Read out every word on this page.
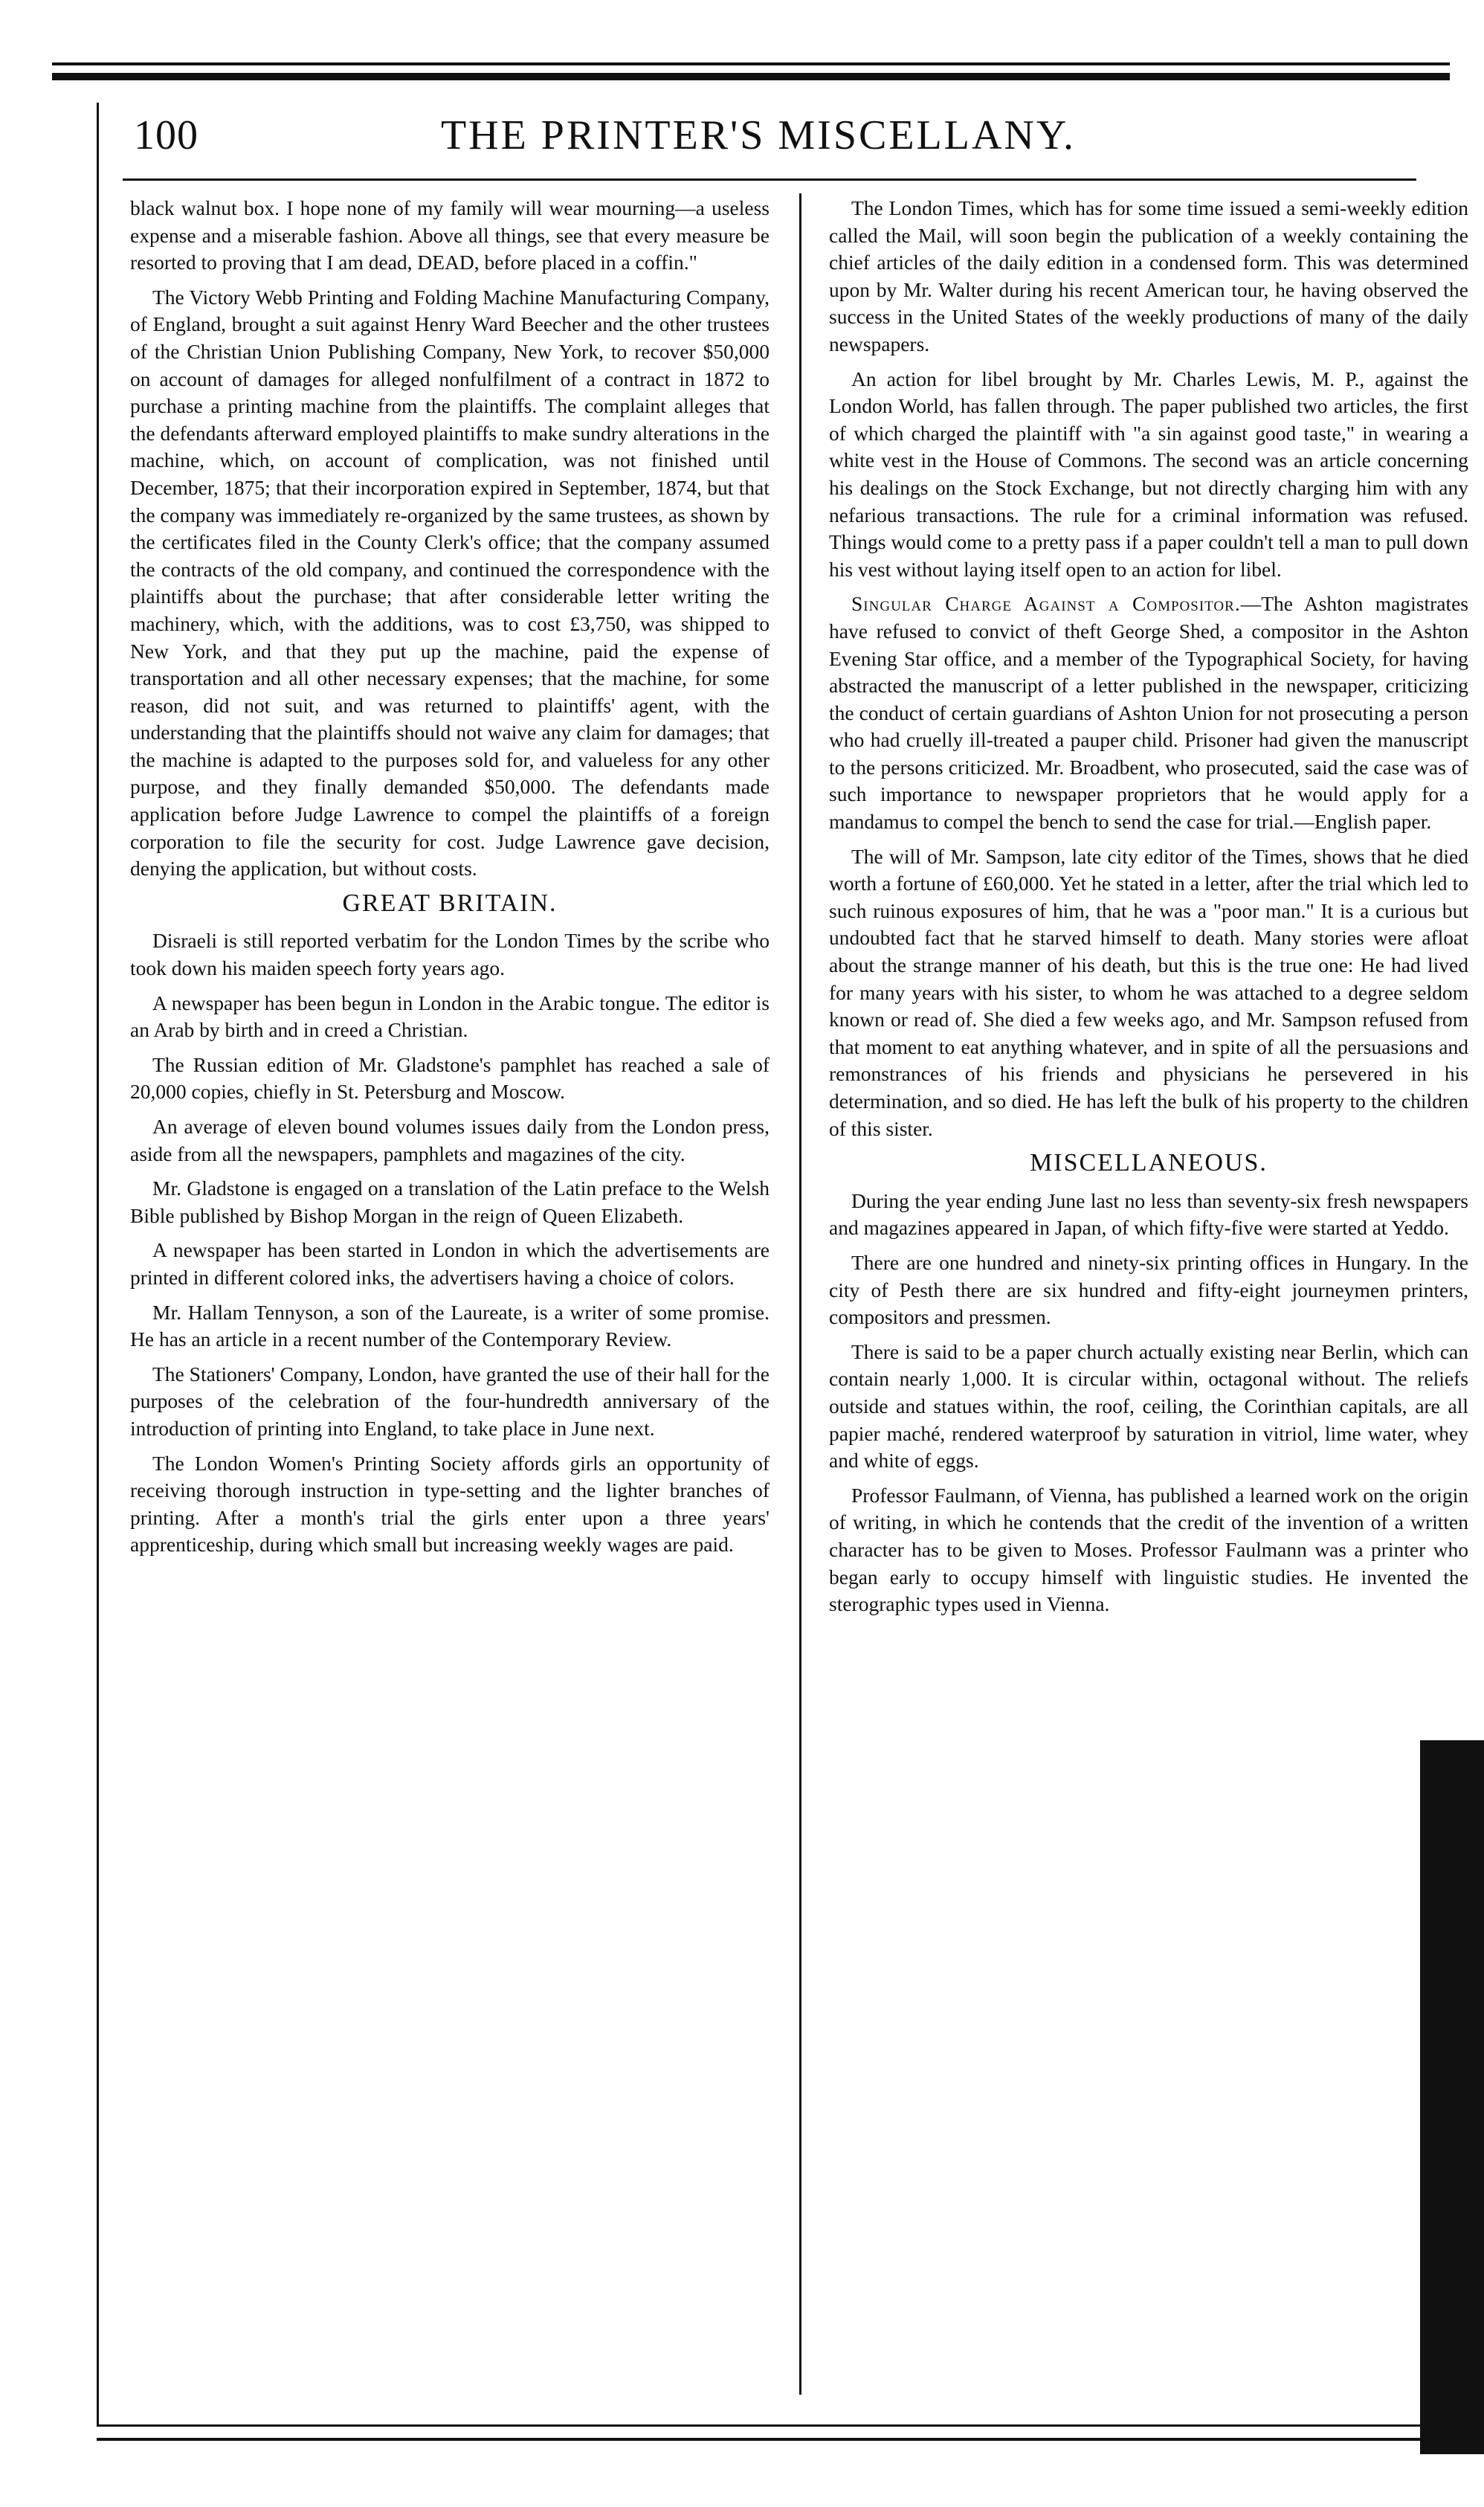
100	THE PRINTER'S MISCELLANY.

black walnut box. I hope none of my family will wear mourning—a useless expense and a miserable fashion. Above all things, see that every measure be resorted to proving that I am dead, DEAD, before placed in a coffin."

The Victory Webb Printing and Folding Machine Manufacturing Company, of England, brought a suit against Henry Ward Beecher and the other trustees of the Christian Union Publishing Company, New York, to recover $50,000 on account of damages for alleged nonfulfilment of a contract in 1872 to purchase a printing machine from the plaintiffs. The complaint alleges that the defendants afterward employed plaintiffs to make sundry alterations in the machine, which, on account of complication, was not finished until December, 1875; that their incorporation expired in September, 1874, but that the company was immediately re-organized by the same trustees, as shown by the certificates filed in the County Clerk's office; that the company assumed the contracts of the old company, and continued the correspondence with the plaintiffs about the purchase; that after considerable letter writing the machinery, which, with the additions, was to cost £3,750, was shipped to New York, and that they put up the machine, paid the expense of transportation and all other necessary expenses; that the machine, for some reason, did not suit, and was returned to plaintiffs' agent, with the understanding that the plaintiffs should not waive any claim for damages; that the machine is adapted to the purposes sold for, and valueless for any other purpose, and they finally demanded $50,000. The defendants made application before Judge Lawrence to compel the plaintiffs of a foreign corporation to file the security for cost. Judge Lawrence gave decision, denying the application, but without costs.

GREAT BRITAIN.

Disraeli is still reported verbatim for the London Times by the scribe who took down his maiden speech forty years ago.

A newspaper has been begun in London in the Arabic tongue. The editor is an Arab by birth and in creed a Christian.

The Russian edition of Mr. Gladstone's pamphlet has reached a sale of 20,000 copies, chiefly in St. Petersburg and Moscow.

An average of eleven bound volumes issues daily from the London press, aside from all the newspapers, pamphlets and magazines of the city.

Mr. Gladstone is engaged on a translation of the Latin preface to the Welsh Bible published by Bishop Morgan in the reign of Queen Elizabeth.

A newspaper has been started in London in which the advertisements are printed in different colored inks, the advertisers having a choice of colors.

Mr. Hallam Tennyson, a son of the Laureate, is a writer of some promise. He has an article in a recent number of the Contemporary Review.

The Stationers' Company, London, have granted the use of their hall for the purposes of the celebration of the four-hundredth anniversary of the introduction of printing into England, to take place in June next.

The London Women's Printing Society affords girls an opportunity of receiving thorough instruction in type-setting and the lighter branches of printing. After a month's trial the girls enter upon a three years' apprenticeship, during which small but increasing weekly wages are paid.

The London Times, which has for some time issued a semi-weekly edition called the Mail, will soon begin the publication of a weekly containing the chief articles of the daily edition in a condensed form. This was determined upon by Mr. Walter during his recent American tour, he having observed the success in the United States of the weekly productions of many of the daily newspapers.

An action for libel brought by Mr. Charles Lewis, M. P., against the London World, has fallen through. The paper published two articles, the first of which charged the plaintiff with "a sin against good taste," in wearing a white vest in the House of Commons. The second was an article concerning his dealings on the Stock Exchange, but not directly charging him with any nefarious transactions. The rule for a criminal information was refused. Things would come to a pretty pass if a paper couldn't tell a man to pull down his vest without laying itself open to an action for libel.

Singular Charge Against a Compositor.—The Ashton magistrates have refused to convict of theft George Shed, a compositor in the Ashton Evening Star office, and a member of the Typographical Society, for having abstracted the manuscript of a letter published in the newspaper, criticizing the conduct of certain guardians of Ashton Union for not prosecuting a person who had cruelly ill-treated a pauper child. Prisoner had given the manuscript to the persons criticized. Mr. Broadbent, who prosecuted, said the case was of such importance to newspaper proprietors that he would apply for a mandamus to compel the bench to send the case for trial.—English paper.

The will of Mr. Sampson, late city editor of the Times, shows that he died worth a fortune of £60,000. Yet he stated in a letter, after the trial which led to such ruinous exposures of him, that he was a "poor man." It is a curious but undoubted fact that he starved himself to death. Many stories were afloat about the strange manner of his death, but this is the true one: He had lived for many years with his sister, to whom he was attached to a degree seldom known or read of. She died a few weeks ago, and Mr. Sampson refused from that moment to eat anything whatever, and in spite of all the persuasions and remonstrances of his friends and physicians he persevered in his determination, and so died. He has left the bulk of his property to the children of this sister.

MISCELLANEOUS.

During the year ending June last no less than seventy-six fresh newspapers and magazines appeared in Japan, of which fifty-five were started at Yeddo.

There are one hundred and ninety-six printing offices in Hungary. In the city of Pesth there are six hundred and fifty-eight journeymen printers, compositors and pressmen.

There is said to be a paper church actually existing near Berlin, which can contain nearly 1,000. It is circular within, octagonal without. The reliefs outside and statues within, the roof, ceiling, the Corinthian capitals, are all papier maché, rendered waterproof by saturation in vitriol, lime water, whey and white of eggs.

Professor Faulmann, of Vienna, has published a learned work on the origin of writing, in which he contends that the credit of the invention of a written character has to be given to Moses. Professor Faulmann was a printer who began early to occupy himself with linguistic studies. He invented the sterographic types used in Vienna.
